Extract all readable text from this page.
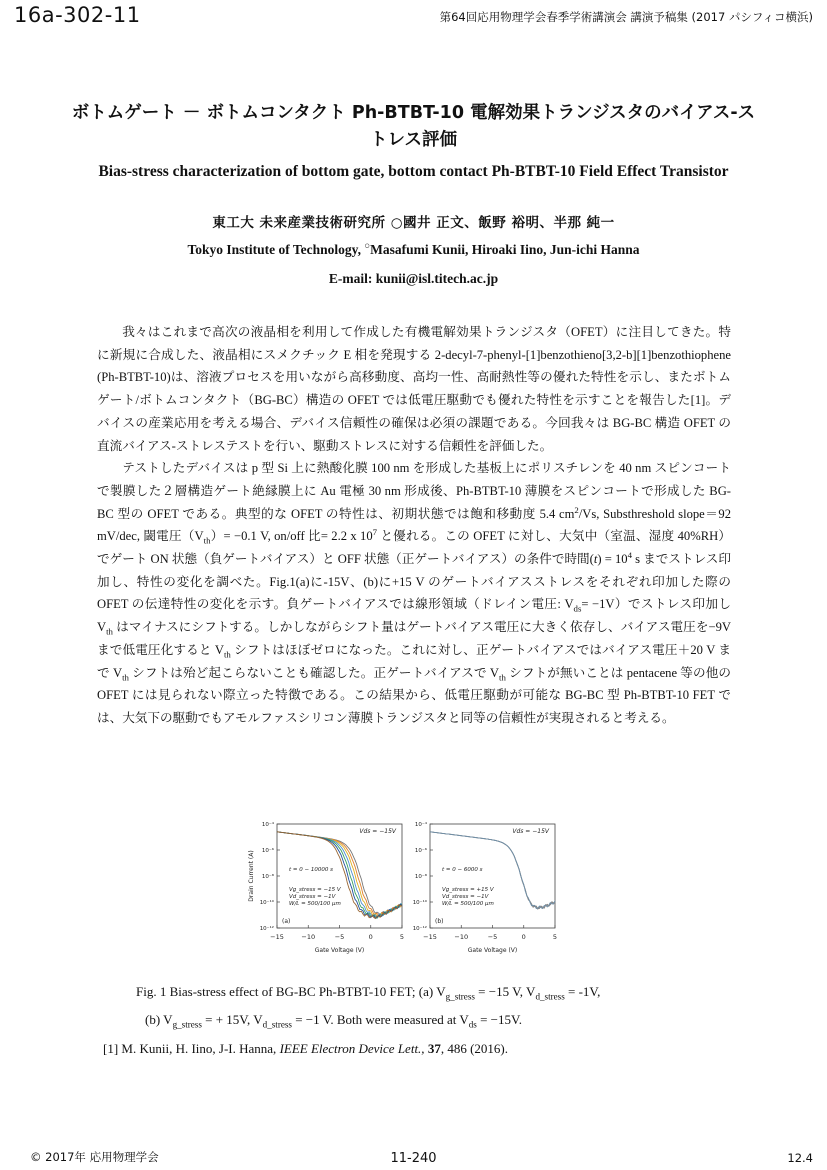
16a-302-11	第64回応用物理学会春季学術講演会 講演予稿集 (2017 パシフィコ横浜)
ボトムゲート － ボトムコンタクト Ph-BTBT-10 電解効果トランジスタのバイアス-ストレス評価
Bias-stress characterization of bottom gate, bottom contact Ph-BTBT-10 Field Effect Transistor
東工大 未来産業技術研究所 ○國井 正文、飯野 裕明、半那 純一
Tokyo Institute of Technology, ○Masafumi Kunii, Hiroaki Iino, Jun-ichi Hanna
E-mail: kunii@isl.titech.ac.jp

我々はこれまで高次の液晶相を利用して作成した有機電解効果トランジスタ（OFET）に注目してきた。特に新規に合成した、液晶相にスメクチック E 相を発現する 2-decyl-7-phenyl-[1]benzothieno[3,2-b][1]benzothiophene (Ph-BTBT-10)は、溶液プロセスを用いながら高移動度、高均一性、高耐熱性等の優れた特性を示し、またボトムゲート/ボトムコンタクト（BG-BC）構造の OFET では低電圧駆動でも優れた特性を示すことを報告した[1]。デバイスの産業応用を考える場合、デバイス信頼性の確保は必須の課題である。今回我々は BG-BC 構造 OFET の直流バイアス-ストレステストを行い、駆動ストレスに対する信頼性を評価した。

テストしたデバイスは p 型 Si 上に熱酸化膜 100 nm を形成した基板上にポリスチレンを 40 nm スピンコートで製膜した２層構造ゲート絶縁膜上に Au 電極 30 nm 形成後、Ph-BTBT-10 薄膜をスピンコートで形成した BG-BC 型の OFET である。典型的な OFET の特性は、初期状態では飽和移動度 5.4 $cm^2/Vs$, Substhreshold slope＝92 mV/dec, 閾電圧$(V_{th})= -0.1$ V, on/off 比= 2.2 x $10^7$ と優れる。この OFET に対し、大気中（室温、湿度 40%RH）でゲート ON 状態（負ゲートバイアス）と OFF 状態（正ゲートバイアス）の条件で時間$(t) = 10^4$ s までストレス印加し、特性の変化を調べた。Fig.1(a)に-15V、(b)に+15 V のゲートバイアスストレスをそれぞれ印加した際の OFET の伝達特性の変化を示す。負ゲートバイアスでは線形領域（ドレイン電圧: $V_{ds}= -1V$）でストレス印加し $V_{th}$ はマイナスにシフトする。しかしながらシフト量はゲートバイアス電圧に大きく依存し、バイアス電圧を−9V まで低電圧化すると $V_{th}$ シフトはほぼゼロになった。これに対し、正ゲートバイアスではバイアス電圧＋20 V まで $V_{th}$ シフトは殆ど起こらないことも確認した。正ゲートバイアスで $V_{th}$ シフトが無いことは pentacene 等の他の OFET には見られない際立った特徴である。この結果から、低電圧駆動が可能な BG-BC 型 Ph-BTBT-10 FET では、大気下の駆動でもアモルファスシリコン薄膜トランジスタと同等の信頼性が実現されると考える。

−15	−10	−5	0	5
10⁻⁴
10⁻⁶
10⁻⁸
10⁻¹⁰
10⁻¹²
Gate Voltage (V)
Drain Current (A)
Vds = −15V
t = 0 − 10000 s
Vg_stress = −15 V
Vd_stress = −1V
W/L = 500/100 μm
(a)
−15	−10	−5	0	5
10⁻⁴
10⁻⁶
10⁻⁸
10⁻¹⁰
10⁻¹²
Gate Voltage (V)
Vds = −15V
t = 0 − 6000 s
Vg_stress = +15 V
Vd_stress = −1V
W/L = 500/100 μm
(b)
Fig. 1 Bias-stress effect of BG-BC Ph-BTBT-10 FET; (a) $V_{g\_stress} = -15$ V, $V_{d\_stress} = -1V$,
(b) $V_{g\_stress}$ = + 15V, $V_{d\_stress} = -1$ V. Both were measured at $V_{ds} = -15V$.
[1] M. Kunii, H. Iino, J-I. Hanna, IEEE Electron Device Lett., 37, 486 (2016).
© 2017年 応用物理学会	11-240	12.4
